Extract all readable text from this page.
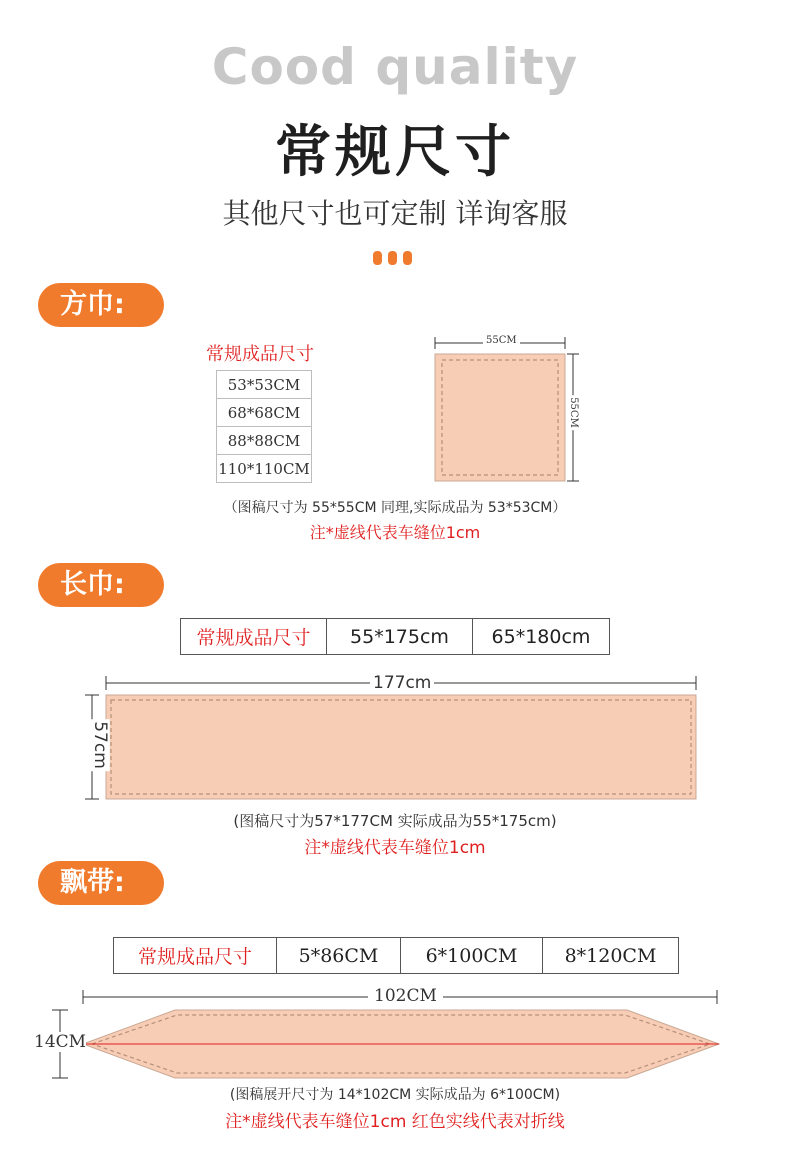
Cood quality
常规尺寸
其他尺寸也可定制 详询客服
方巾:
常规成品尺寸
53*53CM
68*68CM
88*88CM
110*110CM
55CM
55CM
（图稿尺寸为 55*55CM 同理,实际成品为 53*53CM）
注*虚线代表车缝位1cm
长巾:
常规成品尺寸	55*175cm	65*180cm
177cm
57cm
(图稿尺寸为57*177CM 实际成品为55*175cm)
注*虚线代表车缝位1cm
飘带:
常规成品尺寸	5*86CM	6*100CM	8*120CM
102CM
14CM
(图稿展开尺寸为 14*102CM 实际成品为 6*100CM)
注*虚线代表车缝位1cm 红色实线代表对折线
